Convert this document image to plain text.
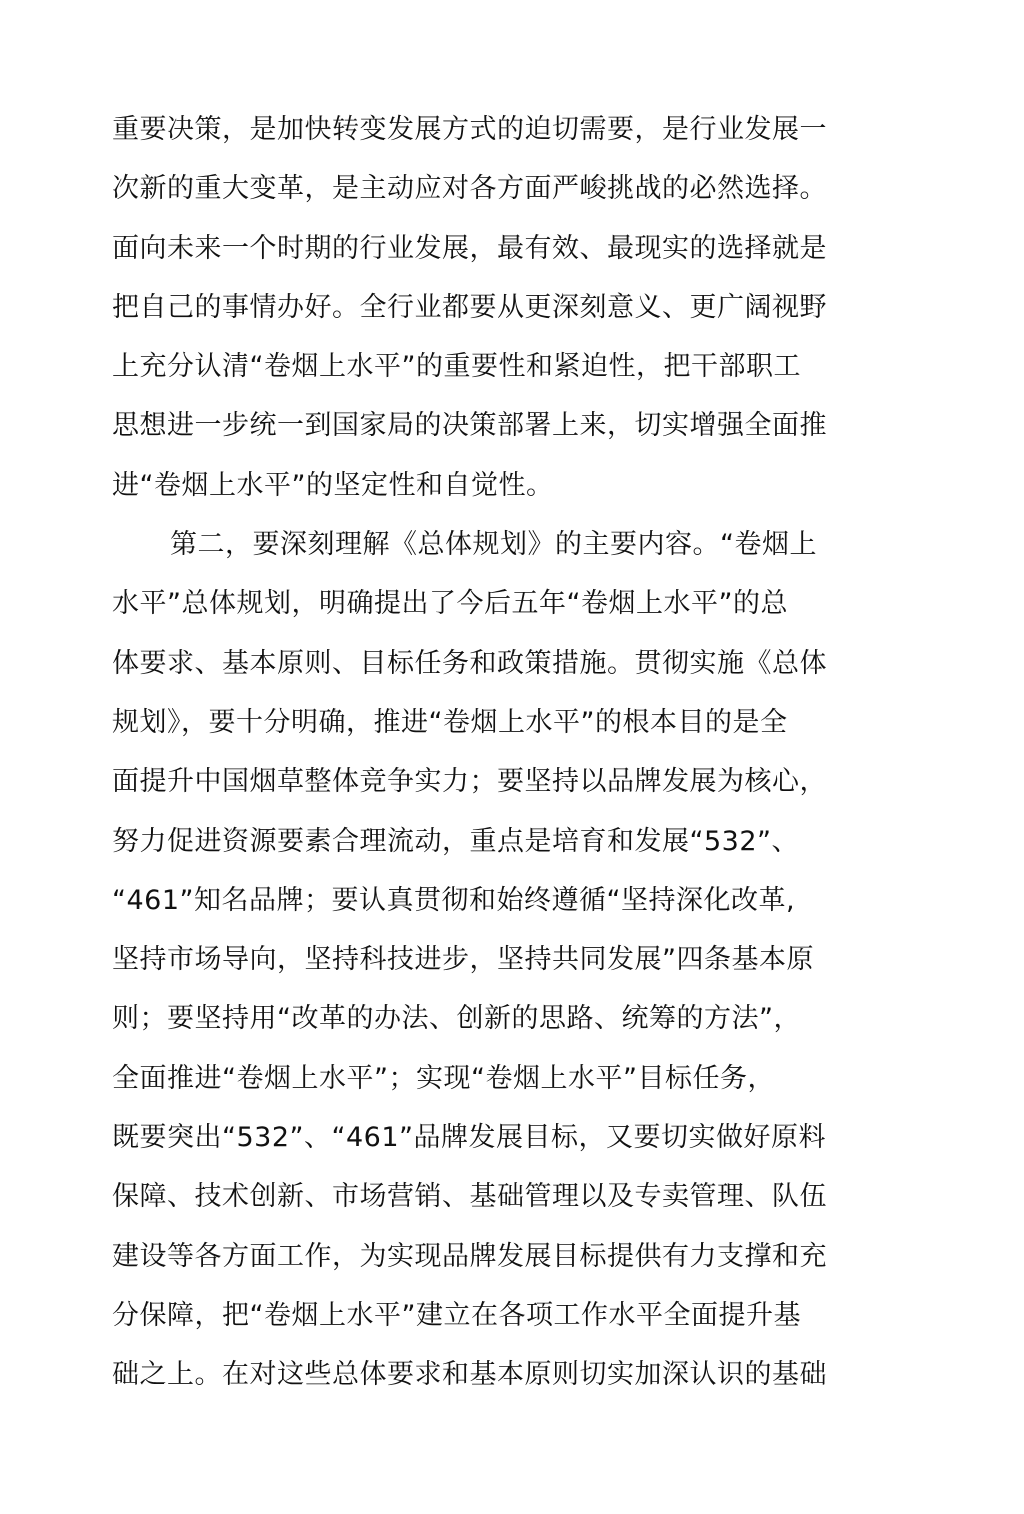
重要决策，是加快转变发展方式的迫切需要，是行业发展一
次新的重大变革，是主动应对各方面严峻挑战的必然选择。
面向未来一个时期的行业发展，最有效、最现实的选择就是
把自己的事情办好。全行业都要从更深刻意义、更广阔视野
上充分认清“卷烟上水平”的重要性和紧迫性，把干部职工
思想进一步统一到国家局的决策部署上来，切实增强全面推
进“卷烟上水平”的坚定性和自觉性。
第二，要深刻理解《总体规划》的主要内容。“卷烟上
水平”总体规划，明确提出了今后五年“卷烟上水平”的总
体要求、基本原则、目标任务和政策措施。贯彻实施《总体
规划》，要十分明确，推进“卷烟上水平”的根本目的是全
面提升中国烟草整体竞争实力；要坚持以品牌发展为核心，
努力促进资源要素合理流动，重点是培育和发展“532”、
“461”知名品牌；要认真贯彻和始终遵循“坚持深化改革,
坚持市场导向，坚持科技进步，坚持共同发展”四条基本原
则；要坚持用“改革的办法、创新的思路、统筹的方法”，
全面推进“卷烟上水平”；实现“卷烟上水平”目标任务，
既要突出“532”、“461”品牌发展目标，又要切实做好原料
保障、技术创新、市场营销、基础管理以及专卖管理、队伍
建设等各方面工作，为实现品牌发展目标提供有力支撑和充
分保障，把“卷烟上水平”建立在各项工作水平全面提升基
础之上。在对这些总体要求和基本原则切实加深认识的基础
